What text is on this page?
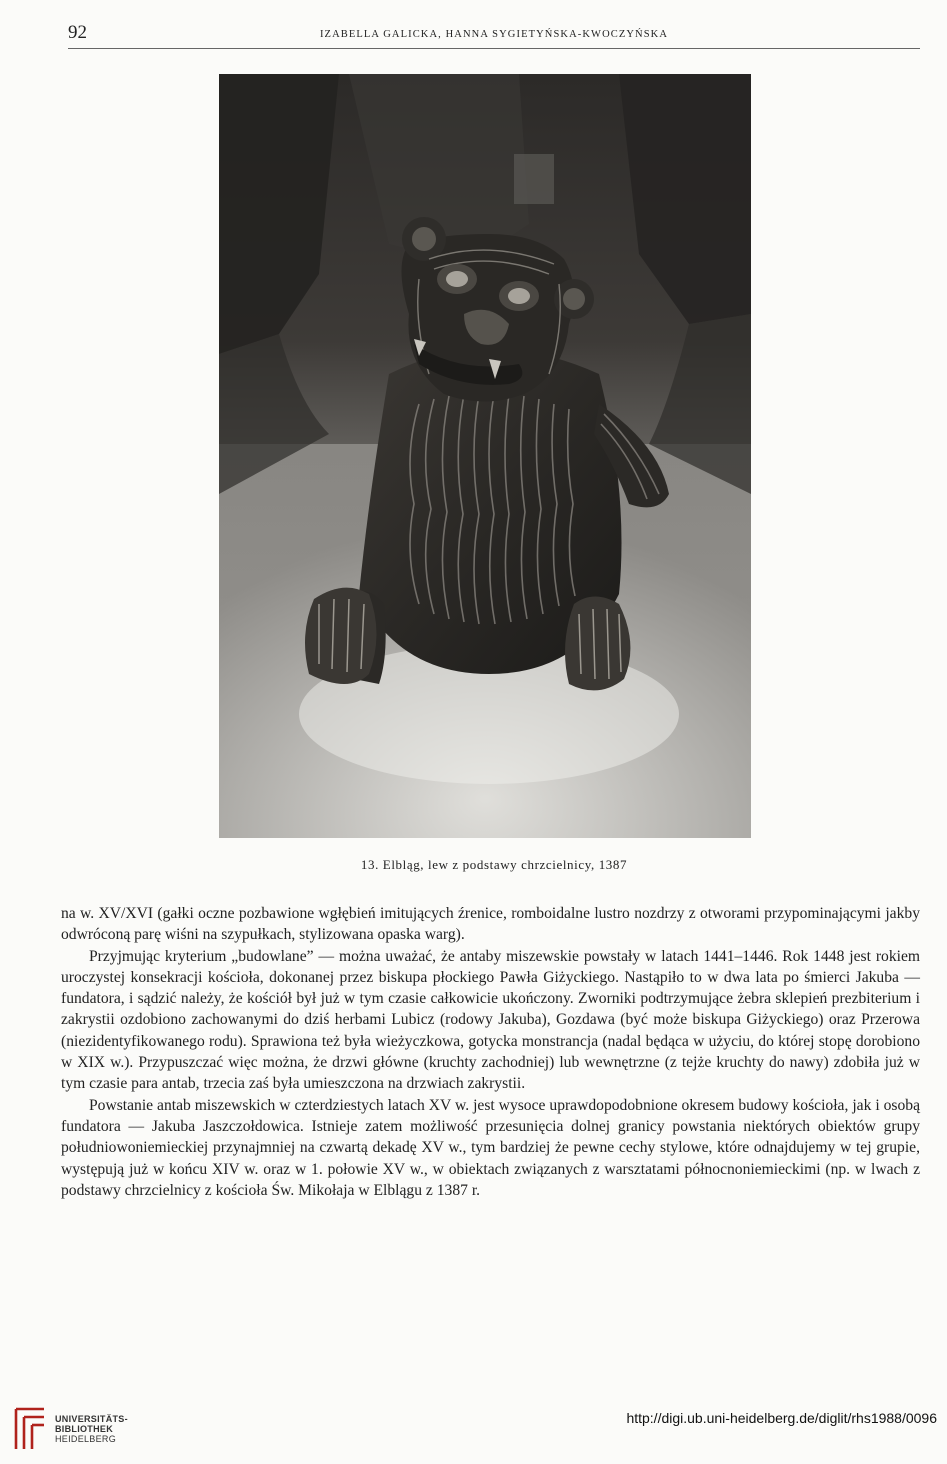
92	IZABELLA GALICKA, HANNA SYGIETYŃSKA-KWOCZYŃSKA
13. Elbląg, lew z podstawy chrzcielnicy, 1387

na w. XV/XVI (gałki oczne pozbawione wgłębień imitujących źrenice, romboidalne lustro nozdrzy z otworami przypominającymi jakby odwróconą parę wiśni na szypułkach, stylizowana opaska warg).

Przyjmując kryterium „budowlane” — można uważać, że antaby miszewskie powstały w latach 1441–1446. Rok 1448 jest rokiem uroczystej konsekracji kościoła, dokonanej przez biskupa płockiego Pawła Giżyckiego. Nastąpiło to w dwa lata po śmierci Jakuba — fundatora, i sądzić należy, że kościół był już w tym czasie całkowicie ukończony. Zworniki podtrzymujące żebra sklepień prezbiterium i zakrystii ozdobiono zachowanymi do dziś herbami Lubicz (rodowy Jakuba), Gozdawa (być może biskupa Giżyckiego) oraz Przerowa (niezidentyfikowanego rodu). Sprawiona też była wieżyczkowa, gotycka monstrancja (nadal będąca w użyciu, do której stopę dorobiono w XIX w.). Przypuszczać więc można, że drzwi główne (kruchty zachodniej) lub wewnętrzne (z tejże kruchty do nawy) zdobiła już w tym czasie para antab, trzecia zaś była umieszczona na drzwiach zakrystii.

Powstanie antab miszewskich w czterdziestych latach XV w. jest wysoce uprawdopodobnione okresem budowy kościoła, jak i osobą fundatora — Jakuba Jaszczołdowica. Istnieje zatem możliwość przesunięcia dolnej granicy powstania niektórych obiektów grupy południowoniemieckiej przynajmniej na czwartą dekadę XV w., tym bardziej że pewne cechy stylowe, które odnajdujemy w tej grupie, występują już w końcu XIV w. oraz w 1. połowie XV w., w obiektach związanych z warsztatami północnoniemieckimi (np. w lwach z podstawy chrzcielnicy z kościoła Św. Mikołaja w Elblągu z 1387 r.

UNIVERSITÄTS-
BIBLIOTHEK
HEIDELBERG
http://digi.ub.uni-heidelberg.de/diglit/rhs1988/0096
